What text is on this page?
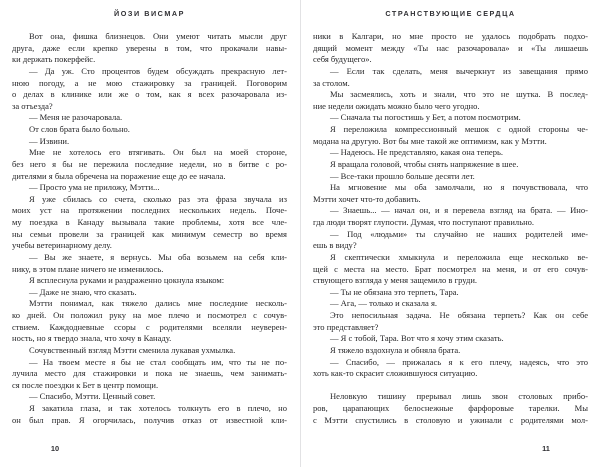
ЙОЗИ ВИСМАР
Вот она, фишка близнецов. Они умеют читать мысли друг
друга, даже если крепко уверены в том, что прокачали навы-
ки держать покерфейс.
— Да уж. Сто процентов будем обсуждать прекрасную лет-
нюю погоду, а не мою стажировку за границей. Поговорим
о делах в клинике или же о том, как я всех разочаровала из-
за отъезда?
— Меня не разочаровала.
От слов брата было больно.
— Извини.
Мне не хотелось его втягивать. Он был на моей стороне,
без него я бы не пережила последние недели, но в битве с ро-
дителями я была обречена на поражение еще до ее начала.
— Просто ума не приложу, Мэтти...
Я уже сбилась со счета, сколько раз эта фраза звучала из
моих уст на протяжении последних нескольких недель. Поче-
му поездка в Канаду вызывала такие проблемы, хотя все чле-
ны семьи провели за границей как минимум семестр во время
учебы ветеринарному делу.
— Вы же знаете, я вернусь. Мы оба возьмем на себя кли-
нику, в этом плане ничего не изменилось.
Я всплеснула руками и раздраженно цокнула языком:
— Даже не знаю, что сказать.
Мэтти понимал, как тяжело дались мне последние несколь-
ко дней. Он положил руку на мое плечо и посмотрел с сочув-
ствием. Каждодневные ссоры с родителями вселяли неуверен-
ность, но я твердо знала, что хочу в Канаду.
Сочувственный взгляд Мэтти сменила лукавая ухмылка.
— На твоем месте я бы не стал сообщать им, что ты не по-
лучила место для стажировки и пока не знаешь, чем занимать-
ся после поездки к Бет в центр помощи.
— Спасибо, Мэтти. Ценный совет.
Я закатила глаза, и так хотелось толкнуть его в плечо, но
он был прав. Я огорчилась, получив отказ от известной кли-
10
СТРАНСТВУЮЩИЕ СЕРДЦА
ники в Калгари, но мне просто не удалось подобрать подхо-
дящий момент между «Ты нас разочаровала» и «Ты лишаешь
себя будущего».
— Если так сделать, меня вычеркнут из завещания прямо
за столом.
Мы засмеялись, хоть и знали, что это не шутка. В послед-
ние недели ожидать можно было чего угодно.
— Сначала ты погостишь у Бет, а потом посмотрим.
Я переложила компрессионный мешок с одной стороны че-
модана на другую. Вот бы мне такой же оптимизм, как у Мэтти.
— Надеюсь. Не представляю, какая она теперь.
Я вращала головой, чтобы снять напряжение в шее.
— Все-таки прошло больше десяти лет.
На мгновение мы оба замолчали, но я почувствовала, что
Мэтти хочет что-то добавить.
— Знаешь... — начал он, и я перевела взгляд на брата. — Ино-
гда люди творят глупости. Думая, что поступают правильно.
— Под «людьми» ты случайно не наших родителей име-
ешь в виду?
Я скептически хмыкнула и переложила еще несколько ве-
щей с места на место. Брат посмотрел на меня, и от его сочув-
ствующего взгляда у меня защемило в груди.
— Ты не обязана это терпеть, Тара.
— Ага, — только и сказала я.
Это непосильная задача. Не обязана терпеть? Как он себе
это представляет?
— Я с тобой, Тара. Вот что я хочу этим сказать.
Я тяжело вздохнула и обняла брата.
— Спасибо, — прижалась я к его плечу, надеясь, что это
хоть как-то скрасит сложившуюся ситуацию.
Неловкую тишину прерывал лишь звон столовых прибо-
ров, царапающих белоснежные фарфоровые тарелки. Мы
с Мэтти спустились в столовую и ужинали с родителями мол-
11
